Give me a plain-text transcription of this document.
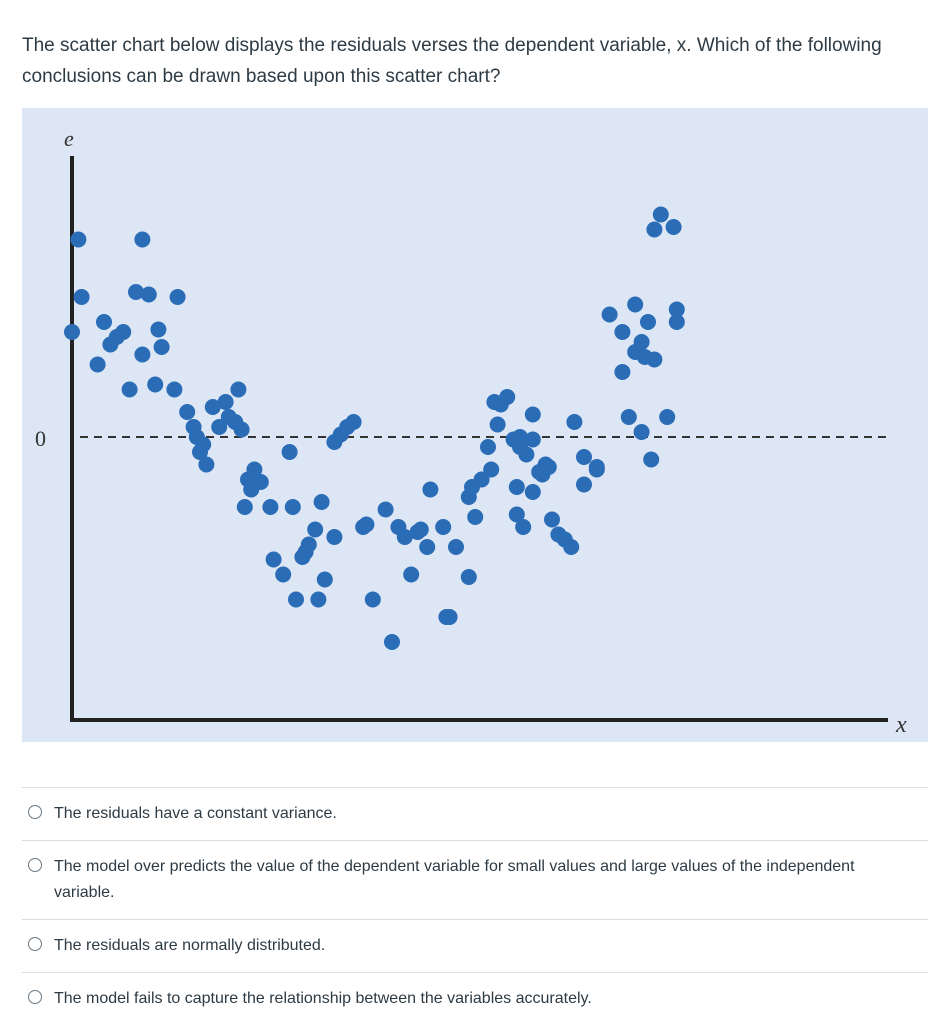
The scatter chart below displays the residuals verses the dependent variable, x. Which of the following conclusions can be drawn based upon this scatter chart?

e
x
0
The residuals have a constant variance.
The model over predicts the value of the dependent variable for small values and large values of the independent variable.
The residuals are normally distributed.
The model fails to capture the relationship between the variables accurately.
